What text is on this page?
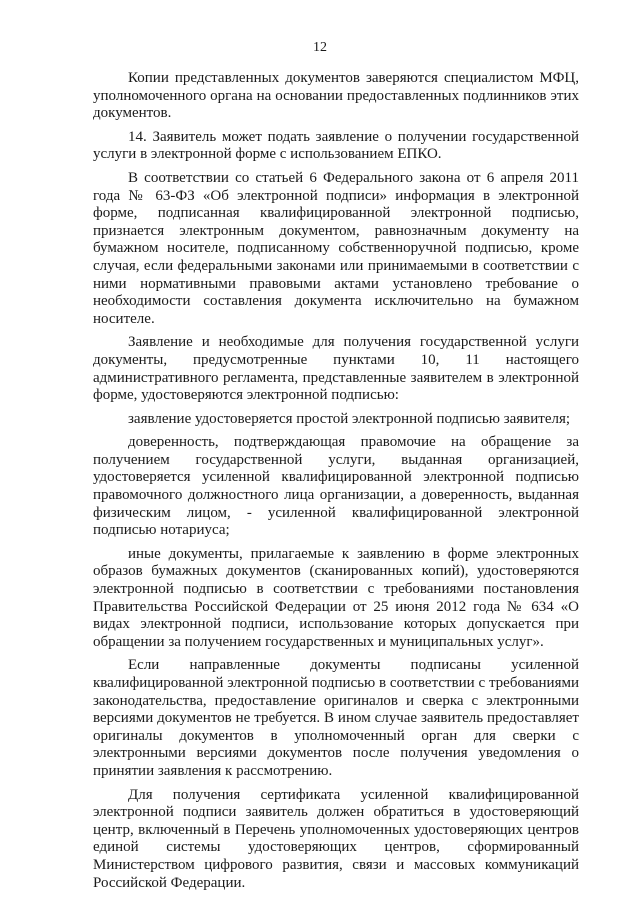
12

Копии представленных документов заверяются специалистом МФЦ, уполномоченного органа на основании предоставленных подлинников этих документов.

14. Заявитель может подать заявление о получении государственной услуги в электронной форме с использованием ЕПКО.

В соответствии со статьей 6 Федерального закона от 6 апреля 2011 года № 63-ФЗ «Об электронной подписи» информация в электронной форме, подписанная квалифицированной электронной подписью, признается электронным документом, равнозначным документу на бумажном носителе, подписанному собственноручной подписью, кроме случая, если федеральными законами или принимаемыми в соответствии с ними нормативными правовыми актами установлено требование о необходимости составления документа исключительно на бумажном носителе.

Заявление и необходимые для получения государственной услуги документы, предусмотренные пунктами 10, 11 настоящего административного регламента, представленные заявителем в электронной форме, удостоверяются электронной подписью:

заявление удостоверяется простой электронной подписью заявителя;

доверенность, подтверждающая правомочие на обращение за получением государственной услуги, выданная организацией, удостоверяется усиленной квалифицированной электронной подписью правомочного должностного лица организации, а доверенность, выданная физическим лицом, - усиленной квалифицированной электронной подписью нотариуса;

иные документы, прилагаемые к заявлению в форме электронных образов бумажных документов (сканированных копий), удостоверяются электронной подписью в соответствии с требованиями постановления Правительства Российской Федерации от 25 июня 2012 года № 634 «О видах электронной подписи, использование которых допускается при обращении за получением государственных и муниципальных услуг».

Если направленные документы подписаны усиленной квалифицированной электронной подписью в соответствии с требованиями законодательства, предоставление оригиналов и сверка с электронными версиями документов не требуется. В ином случае заявитель предоставляет оригиналы документов в уполномоченный орган для сверки с электронными версиями документов после получения уведомления о принятии заявления к рассмотрению.

Для получения сертификата усиленной квалифицированной электронной подписи заявитель должен обратиться в удостоверяющий центр, включенный в Перечень уполномоченных удостоверяющих центров единой системы удостоверяющих центров, сформированный Министерством цифрового развития, связи и массовых коммуникаций Российской Федерации.
